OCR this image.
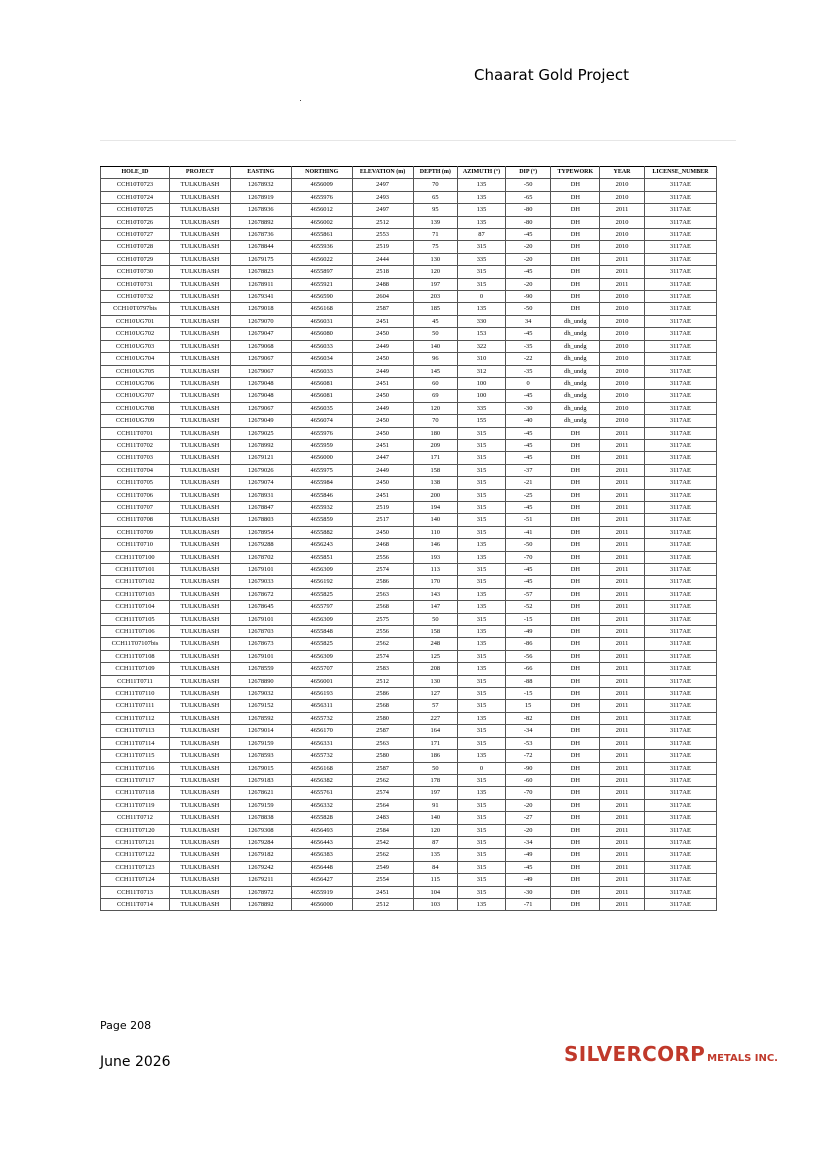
Chaarat Gold Project
HOLE_ID	PROJECT	EASTING	NORTHING	ELEVATION (m)	DEPTH (m)	AZIMUTH (°)	DIP (°)	TYPEWORK	YEAR	LICENSE_NUMBER
CCH10T0723	TULKUBASH	12678932	4656009	2497	70	135	-50	DH	2010	3117AE
CCH10T0724	TULKUBASH	12678919	4655976	2493	65	135	-65	DH	2010	3117AE
CCH10T0725	TULKUBASH	12678936	4656012	2497	95	135	-80	DH	2011	3117AE
CCH10T0726	TULKUBASH	12678892	4656002	2512	139	135	-80	DH	2010	3117AE
CCH10T0727	TULKUBASH	12678736	4655861	2553	71	87	-45	DH	2010	3117AE
CCH10T0728	TULKUBASH	12678844	4655936	2519	75	315	-20	DH	2010	3117AE
CCH10T0729	TULKUBASH	12679175	4656022	2444	130	335	-20	DH	2011	3117AE
CCH10T0730	TULKUBASH	12678823	4655897	2518	120	315	-45	DH	2011	3117AE
CCH10T0731	TULKUBASH	12678911	4655921	2488	197	315	-20	DH	2011	3117AE
CCH10T0732	TULKUBASH	12679341	4656590	2604	203	0	-90	DH	2010	3117AE
CCH10T0797bis	TULKUBASH	12679018	4656168	2587	185	135	-50	DH	2010	3117AE
CCH10UG701	TULKUBASH	12679070	4656031	2451	45	330	34	dh_undg	2010	3117AE
CCH10UG702	TULKUBASH	12679047	4656080	2450	50	153	-45	dh_undg	2010	3117AE
CCH10UG703	TULKUBASH	12679068	4656033	2449	140	322	-35	dh_undg	2010	3117AE
CCH10UG704	TULKUBASH	12679067	4656034	2450	96	310	-22	dh_undg	2010	3117AE
CCH10UG705	TULKUBASH	12679067	4656033	2449	145	312	-35	dh_undg	2010	3117AE
CCH10UG706	TULKUBASH	12679048	4656081	2451	60	100	0	dh_undg	2010	3117AE
CCH10UG707	TULKUBASH	12679048	4656081	2450	69	100	-45	dh_undg	2010	3117AE
CCH10UG708	TULKUBASH	12679067	4656035	2449	120	335	-30	dh_undg	2010	3117AE
CCH10UG709	TULKUBASH	12679049	4656074	2450	70	155	-40	dh_undg	2010	3117AE
CCH11T0701	TULKUBASH	12679025	4655976	2450	180	315	-45	DH	2011	3117AE
CCH11T0702	TULKUBASH	12678992	4655959	2451	209	315	-45	DH	2011	3117AE
CCH11T0703	TULKUBASH	12679121	4656000	2447	171	315	-45	DH	2011	3117AE
CCH11T0704	TULKUBASH	12679026	4655975	2449	158	315	-37	DH	2011	3117AE
CCH11T0705	TULKUBASH	12679074	4655984	2450	138	315	-21	DH	2011	3117AE
CCH11T0706	TULKUBASH	12678931	4655846	2451	200	315	-25	DH	2011	3117AE
CCH11T0707	TULKUBASH	12678847	4655932	2519	194	315	-45	DH	2011	3117AE
CCH11T0708	TULKUBASH	12678803	4655859	2517	140	315	-51	DH	2011	3117AE
CCH11T0709	TULKUBASH	12678954	4655882	2450	110	315	-41	DH	2011	3117AE
CCH11T0710	TULKUBASH	12679288	4656243	2468	146	135	-50	DH	2011	3117AE
CCH11T07100	TULKUBASH	12678702	4655851	2556	193	135	-70	DH	2011	3117AE
CCH11T07101	TULKUBASH	12679101	4656309	2574	113	315	-45	DH	2011	3117AE
CCH11T07102	TULKUBASH	12679033	4656192	2586	170	315	-45	DH	2011	3117AE
CCH11T07103	TULKUBASH	12678672	4655825	2563	143	135	-57	DH	2011	3117AE
CCH11T07104	TULKUBASH	12678645	4655797	2568	147	135	-52	DH	2011	3117AE
CCH11T07105	TULKUBASH	12679101	4656309	2575	50	315	-15	DH	2011	3117AE
CCH11T07106	TULKUBASH	12678703	4655848	2556	158	135	-49	DH	2011	3117AE
CCH11T07107bis	TULKUBASH	12678673	4655825	2562	248	135	-86	DH	2011	3117AE
CCH11T07108	TULKUBASH	12679101	4656309	2574	125	315	-56	DH	2011	3117AE
CCH11T07109	TULKUBASH	12678559	4655707	2583	208	135	-66	DH	2011	3117AE
CCH11T0711	TULKUBASH	12678890	4656001	2512	130	315	-88	DH	2011	3117AE
CCH11T07110	TULKUBASH	12679032	4656193	2586	127	315	-15	DH	2011	3117AE
CCH11T07111	TULKUBASH	12679152	4656311	2568	57	315	15	DH	2011	3117AE
CCH11T07112	TULKUBASH	12678592	4655732	2580	227	135	-82	DH	2011	3117AE
CCH11T07113	TULKUBASH	12679014	4656170	2587	164	315	-34	DH	2011	3117AE
CCH11T07114	TULKUBASH	12679159	4656331	2563	171	315	-53	DH	2011	3117AE
CCH11T07115	TULKUBASH	12678593	4655732	2580	186	135	-72	DH	2011	3117AE
CCH11T07116	TULKUBASH	12679015	4656168	2587	50	0	-90	DH	2011	3117AE
CCH11T07117	TULKUBASH	12679183	4656382	2562	178	315	-60	DH	2011	3117AE
CCH11T07118	TULKUBASH	12678621	4655761	2574	197	135	-70	DH	2011	3117AE
CCH11T07119	TULKUBASH	12679159	4656332	2564	91	315	-20	DH	2011	3117AE
CCH11T0712	TULKUBASH	12678838	4655828	2483	140	315	-27	DH	2011	3117AE
CCH11T07120	TULKUBASH	12679308	4656493	2584	120	315	-20	DH	2011	3117AE
CCH11T07121	TULKUBASH	12679284	4656443	2542	87	315	-34	DH	2011	3117AE
CCH11T07122	TULKUBASH	12679182	4656383	2562	135	315	-49	DH	2011	3117AE
CCH11T07123	TULKUBASH	12679242	4656448	2549	84	315	-45	DH	2011	3117AE
CCH11T07124	TULKUBASH	12679211	4656427	2554	115	315	-49	DH	2011	3117AE
CCH11T0713	TULKUBASH	12678972	4655919	2451	104	315	-30	DH	2011	3117AE
CCH11T0714	TULKUBASH	12678892	4656000	2512	103	135	-71	DH	2011	3117AE
Page 208
June 2026	SILVERCORP METALS INC.
